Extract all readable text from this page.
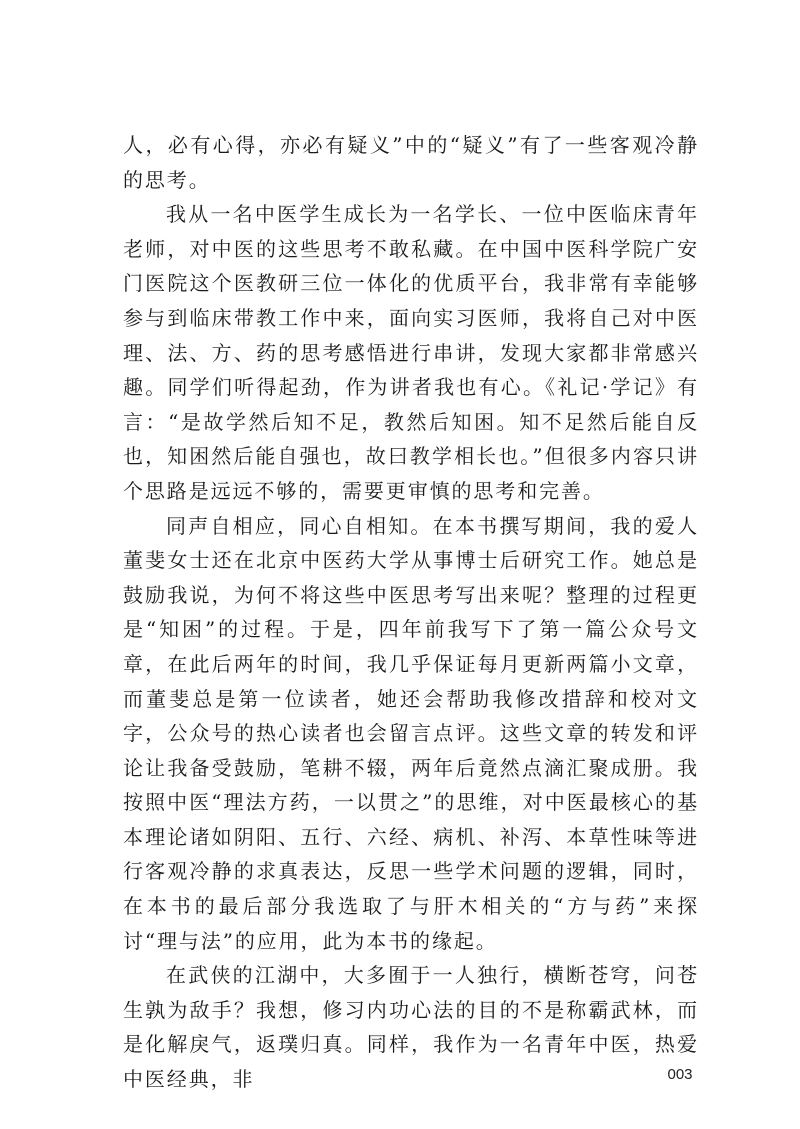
人，必有心得，亦必有疑义”中的“疑义”有了一些客观冷静的思考。

我从一名中医学生成长为一名学长、一位中医临床青年老师，对中医的这些思考不敢私藏。在中国中医科学院广安门医院这个医教研三位一体化的优质平台，我非常有幸能够参与到临床带教工作中来，面向实习医师，我将自己对中医理、法、方、药的思考感悟进行串讲，发现大家都非常感兴趣。同学们听得起劲，作为讲者我也有心。《礼记·学记》有言：“是故学然后知不足，教然后知困。知不足然后能自反也，知困然后能自强也，故曰教学相长也。”但很多内容只讲个思路是远远不够的，需要更审慎的思考和完善。

同声自相应，同心自相知。在本书撰写期间，我的爱人董斐女士还在北京中医药大学从事博士后研究工作。她总是鼓励我说，为何不将这些中医思考写出来呢？整理的过程更是“知困”的过程。于是，四年前我写下了第一篇公众号文章，在此后两年的时间，我几乎保证每月更新两篇小文章，而董斐总是第一位读者，她还会帮助我修改措辞和校对文字，公众号的热心读者也会留言点评。这些文章的转发和评论让我备受鼓励，笔耕不辍，两年后竟然点滴汇聚成册。我按照中医“理法方药，一以贯之”的思维，对中医最核心的基本理论诸如阴阳、五行、六经、病机、补泻、本草性味等进行客观冷静的求真表达，反思一些学术问题的逻辑，同时，在本书的最后部分我选取了与肝木相关的“方与药”来探讨“理与法”的应用，此为本书的缘起。

在武侠的江湖中，大多囿于一人独行，横断苍穹，问苍生孰为敌手？我想，修习内功心法的目的不是称霸武林，而是化解戾气，返璞归真。同样，我作为一名青年中医，热爱中医经典，非	003
